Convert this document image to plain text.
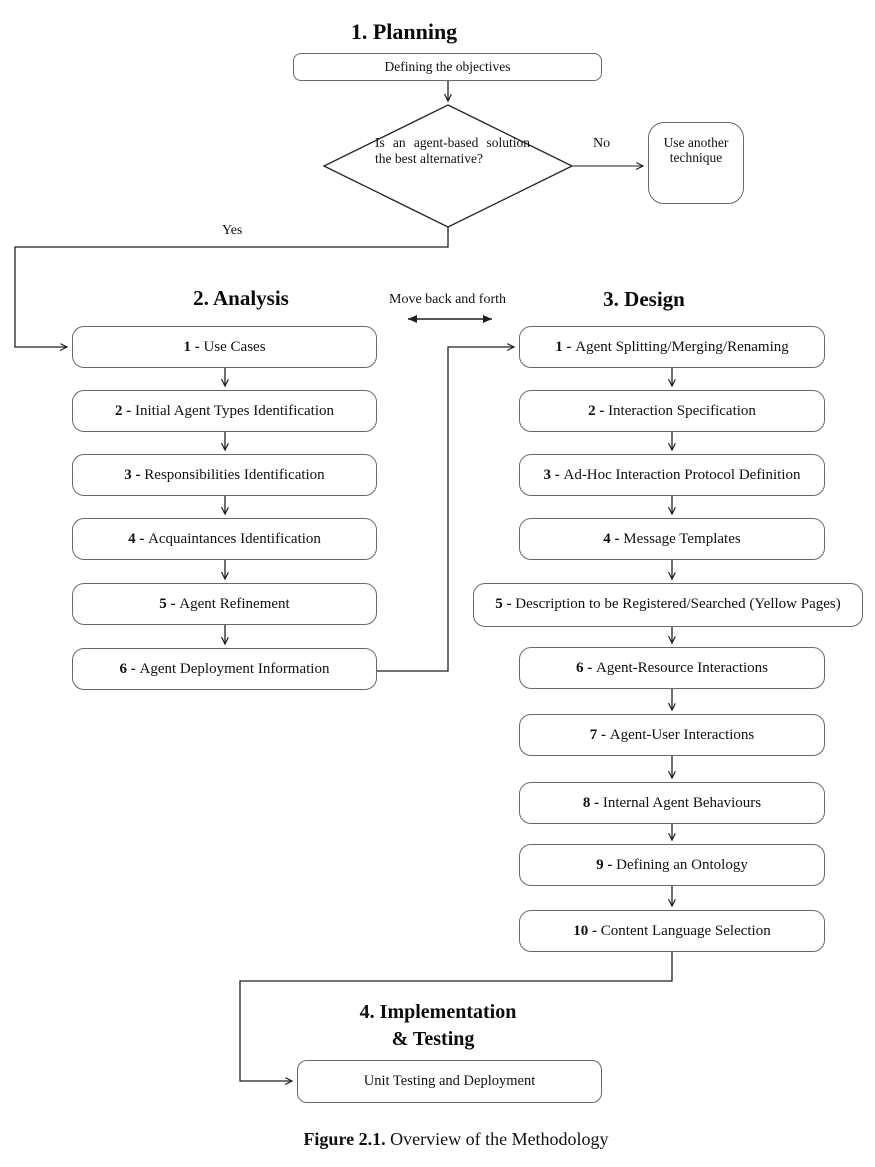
1. Planning
2. Analysis	3. Design
4. Implementation
& Testing
Defining the objectives
Is an agent-based solution the best alternative?
No
Yes
Use another technique
Move back and forth
1 - Use Cases
2 - Initial Agent Types Identification
3 - Responsibilities Identification
4 - Acquaintances Identification
5 - Agent Refinement
6 - Agent Deployment Information
1 - Agent Splitting/Merging/Renaming
2 - Interaction Specification
3 - Ad-Hoc Interaction Protocol Definition
4 - Message Templates
5 - Description to be Registered/Searched (Yellow Pages)
6 - Agent-Resource Interactions
7 - Agent-User Interactions
8 - Internal Agent Behaviours
9 - Defining an Ontology
10 - Content Language Selection
Unit Testing and Deployment
Figure 2.1. Overview of the Methodology
